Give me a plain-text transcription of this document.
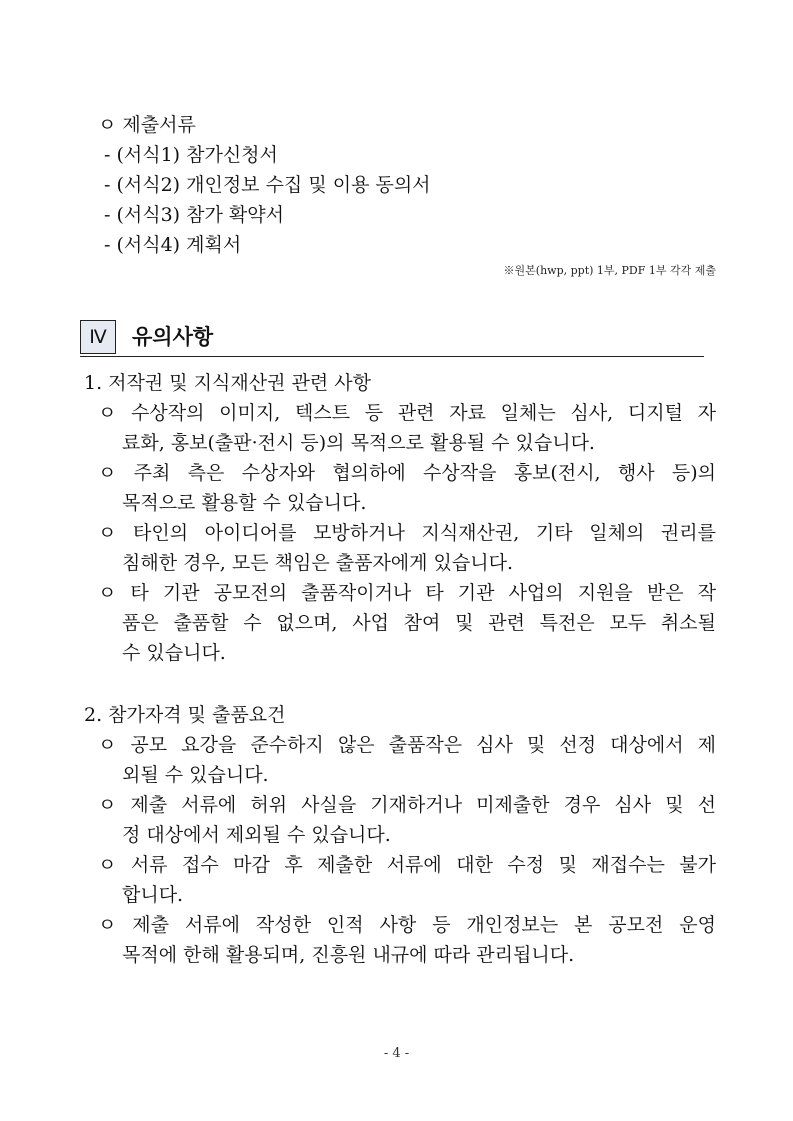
ㅇ 제출서류
- (서식1) 참가신청서
- (서식2) 개인정보 수집 및 이용 동의서
- (서식3) 참가 확약서
- (서식4) 계획서
※원본(hwp, ppt) 1부, PDF 1부 각각 제출
Ⅳ	유의사항
1. 저작권 및 지식재산권 관련 사항
ㅇ 수상작의 이미지, 텍스트 등 관련 자료 일체는 심사, 디지털 자
료화, 홍보(출판·전시 등)의 목적으로 활용될 수 있습니다.
ㅇ 주최 측은 수상자와 협의하에 수상작을 홍보(전시, 행사 등)의
목적으로 활용할 수 있습니다.
ㅇ 타인의 아이디어를 모방하거나 지식재산권, 기타 일체의 권리를
침해한 경우, 모든 책임은 출품자에게 있습니다.
ㅇ 타 기관 공모전의 출품작이거나 타 기관 사업의 지원을 받은 작
품은 출품할 수 없으며, 사업 참여 및 관련 특전은 모두 취소될
수 있습니다.
2. 참가자격 및 출품요건
ㅇ 공모 요강을 준수하지 않은 출품작은 심사 및 선정 대상에서 제
외될 수 있습니다.
ㅇ 제출 서류에 허위 사실을 기재하거나 미제출한 경우 심사 및 선
정 대상에서 제외될 수 있습니다.
ㅇ 서류 접수 마감 후 제출한 서류에 대한 수정 및 재접수는 불가
합니다.
ㅇ 제출 서류에 작성한 인적 사항 등 개인정보는 본 공모전 운영
목적에 한해 활용되며, 진흥원 내규에 따라 관리됩니다.
- 4 -
